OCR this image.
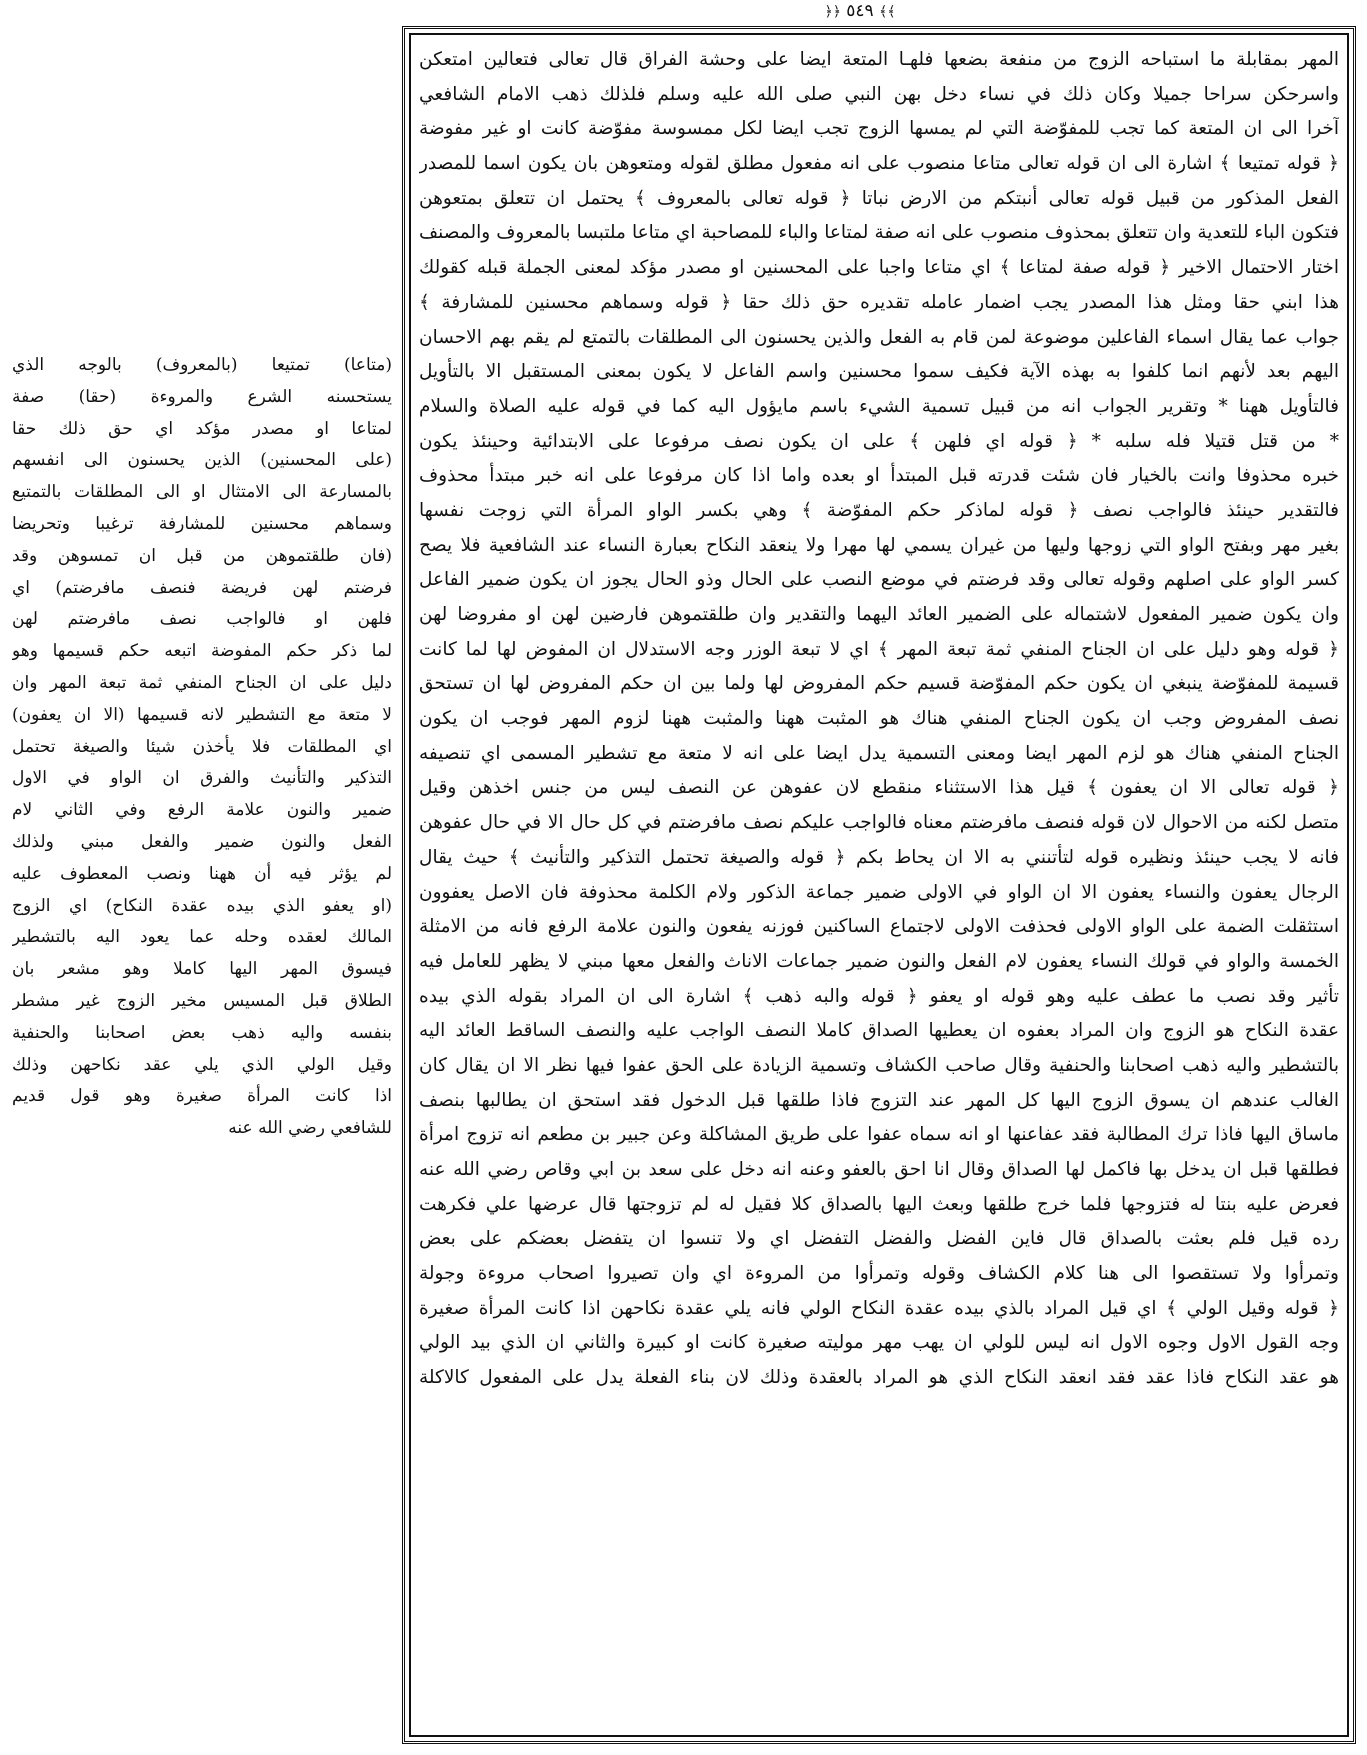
﴾﴾ ٥٤٩ ﴿﴿

المهر بمقابلة ما استباحه الزوج من منفعة بضعها فلهـا المتعة ايضا على وحشة الفراق قال تعالى فتعالين امتعكن

واسرحكن سراحا جميلا وكان ذلك في نساء دخل بهن النبي صلى الله عليه وسلم فلذلك ذهب الامام الشافعي

آخرا الى ان المتعة كما تجب للمفوّضة التي لم يمسها الزوج تجب ايضا لكل ممسوسة مفوّضة كانت او غير مفوضة

﴿ قوله تمتيعا ﴾ اشارة الى ان قوله تعالى متاعا منصوب على انه مفعول مطلق لقوله ومتعوهن بان يكون اسما للمصدر

الفعل المذكور من قبيل قوله تعالى أنبتكم من الارض نباتا ﴿ قوله تعالى بالمعروف ﴾ يحتمل ان تتعلق بمتعوهن

فتكون الباء للتعدية وان تتعلق بمحذوف منصوب على انه صفة لمتاعا والباء للمصاحبة اي متاعا ملتبسا بالمعروف والمصنف

اختار الاحتمال الاخير ﴿ قوله صفة لمتاعا ﴾ اي متاعا واجبا على المحسنين او مصدر مؤكد لمعنى الجملة قبله كقولك

هذا ابني حقا ومثل هذا المصدر يجب اضمار عامله تقديره حق ذلك حقا ﴿ قوله وسماهم محسنين للمشارفة ﴾

جواب عما يقال اسماء الفاعلين موضوعة لمن قام به الفعل والذين يحسنون الى المطلقات بالتمتع لم يقم بهم الاحسان

اليهم بعد لأنهم انما كلفوا به بهذه الآية فكيف سموا محسنين واسم الفاعل لا يكون بمعنى المستقبل الا بالتأويل

فالتأويل ههنا * وتقرير الجواب انه من قبيل تسمية الشيء باسم مايؤول اليه كما في قوله عليه الصلاة والسلام

* من قتل قتيلا فله سلبه * ﴿ قوله اي فلهن ﴾ على ان يكون نصف مرفوعا على الابتدائية وحينئذ يكون

خبره محذوفا وانت بالخيار فان شئت قدرته قبل المبتدأ او بعده واما اذا كان مرفوعا على انه خبر مبتدأ محذوف

فالتقدير حينئذ فالواجب نصف ﴿ قوله لماذكر حكم المفوّضة ﴾ وهي بكسر الواو المرأة التي زوجت نفسها

بغير مهر وبفتح الواو التي زوجها وليها من غيران يسمي لها مهرا ولا ينعقد النكاح بعبارة النساء عند الشافعية فلا يصح

كسر الواو على اصلهم وقوله تعالى وقد فرضتم في موضع النصب على الحال وذو الحال يجوز ان يكون ضمير الفاعل

وان يكون ضمير المفعول لاشتماله على الضمير العائد اليهما والتقدير وان طلقتموهن فارضين لهن او مفروضا لهن

﴿ قوله وهو دليل على ان الجناح المنفي ثمة تبعة المهر ﴾ اي لا تبعة الوزر وجه الاستدلال ان المفوض لها لما كانت

قسيمة للمفوّضة ينبغي ان يكون حكم المفوّضة قسيم حكم المفروض لها ولما بين ان حكم المفروض لها ان تستحق

نصف المفروض وجب ان يكون الجناح المنفي هناك هو المثبت ههنا والمثبت ههنا لزوم المهر فوجب ان يكون

الجناح المنفي هناك هو لزم المهر ايضا ومعنى التسمية يدل ايضا على انه لا متعة مع تشطير المسمى اي تنصيفه

﴿ قوله تعالى الا ان يعفون ﴾ قيل هذا الاستثناء منقطع لان عفوهن عن النصف ليس من جنس اخذهن وقيل

متصل لكنه من الاحوال لان قوله فنصف مافرضتم معناه فالواجب عليكم نصف مافرضتم في كل حال الا في حال عفوهن

فانه لا يجب حينئذ ونظيره قوله لتأتنني به الا ان يحاط بكم ﴿ قوله والصيغة تحتمل التذكير والتأنيث ﴾ حيث يقال

الرجال يعفون والنساء يعفون الا ان الواو في الاولى ضمير جماعة الذكور ولام الكلمة محذوفة فان الاصل يعفوون

استثقلت الضمة على الواو الاولى فحذفت الاولى لاجتماع الساكنين فوزنه يفعون والنون علامة الرفع فانه من الامثلة

الخمسة والواو في قولك النساء يعفون لام الفعل والنون ضمير جماعات الاناث والفعل معها مبني لا يظهر للعامل فيه

تأثير وقد نصب ما عطف عليه وهو قوله او يعفو ﴿ قوله والبه ذهب ﴾ اشارة الى ان المراد بقوله الذي بيده

عقدة النكاح هو الزوج وان المراد بعفوه ان يعطيها الصداق كاملا النصف الواجب عليه والنصف الساقط العائد اليه

بالتشطير واليه ذهب اصحابنا والحنفية وقال صاحب الكشاف وتسمية الزيادة على الحق عفوا فيها نظر الا ان يقال كان

الغالب عندهم ان يسوق الزوج اليها كل المهر عند التزوج فاذا طلقها قبل الدخول فقد استحق ان يطالبها بنصف

ماساق اليها فاذا ترك المطالبة فقد عفاعنها او انه سماه عفوا على طريق المشاكلة وعن جبير بن مطعم انه تزوج امرأة

فطلقها قبل ان يدخل بها فاكمل لها الصداق وقال انا احق بالعفو وعنه انه دخل على سعد بن ابي وقاص رضي الله عنه

فعرض عليه بنتا له فتزوجها فلما خرج طلقها وبعث اليها بالصداق كلا فقيل له لم تزوجتها قال عرضها علي فكرهت

رده قيل فلم بعثت بالصداق قال فاين الفضل والفضل التفضل اي ولا تنسوا ان يتفضل بعضكم على بعض

وتمرأوا ولا تستقصوا الى هنا كلام الكشاف وقوله وتمرأوا من المروءة اي وان تصيروا اصحاب مروءة وجولة

﴿ قوله وقيل الولي ﴾ اي قيل المراد بالذي بيده عقدة النكاح الولي فانه يلي عقدة نكاحهن اذا كانت المرأة صغيرة

وجه القول الاول وجوه الاول انه ليس للولي ان يهب مهر موليته صغيرة كانت او كبيرة والثاني ان الذي بيد الولي

هو عقد النكاح فاذا عقد فقد انعقد النكاح الذي هو المراد بالعقدة وذلك لان بناء الفعلة يدل على المفعول كالاكلة

(متاعا) تمتيعا (بالمعروف) بالوجه الذي

يستحسنه الشرع والمروءة (حقا) صفة

لمتاعا او مصدر مؤكد اي حق ذلك حقا

(على المحسنين) الذين يحسنون الى انفسهم

بالمسارعة الى الامتثال او الى المطلقات بالتمتيع

وسماهم محسنين للمشارفة ترغيبا وتحريضا

(فان طلقتموهن من قبل ان تمسوهن وقد

فرضتم لهن فريضة فنصف مافرضتم) اي

فلهن او فالواجب نصف مافرضتم لهن

لما ذكر حكم المفوضة اتبعه حكم قسيمها وهو

دليل على ان الجناح المنفي ثمة تبعة المهر وان

لا متعة مع التشطير لانه قسيمها (الا ان يعفون)

اي المطلقات فلا يأخذن شيئا والصيغة تحتمل

التذكير والتأنيث والفرق ان الواو في الاول

ضمير والنون علامة الرفع وفي الثاني لام

الفعل والنون ضمير والفعل مبني ولذلك

لم يؤثر فيه أن ههنا ونصب المعطوف عليه

(او يعفو الذي بيده عقدة النكاح) اي الزوج

المالك لعقده وحله عما يعود اليه بالتشطير

فيسوق المهر اليها كاملا وهو مشعر بان

الطلاق قبل المسيس مخير الزوج غير مشطر

بنفسه واليه ذهب بعض اصحابنا والحنفية

وقيل الولي الذي يلي عقد نكاحهن وذلك

اذا كانت المرأة صغيرة وهو قول قديم

للشافعي رضي الله عنه
